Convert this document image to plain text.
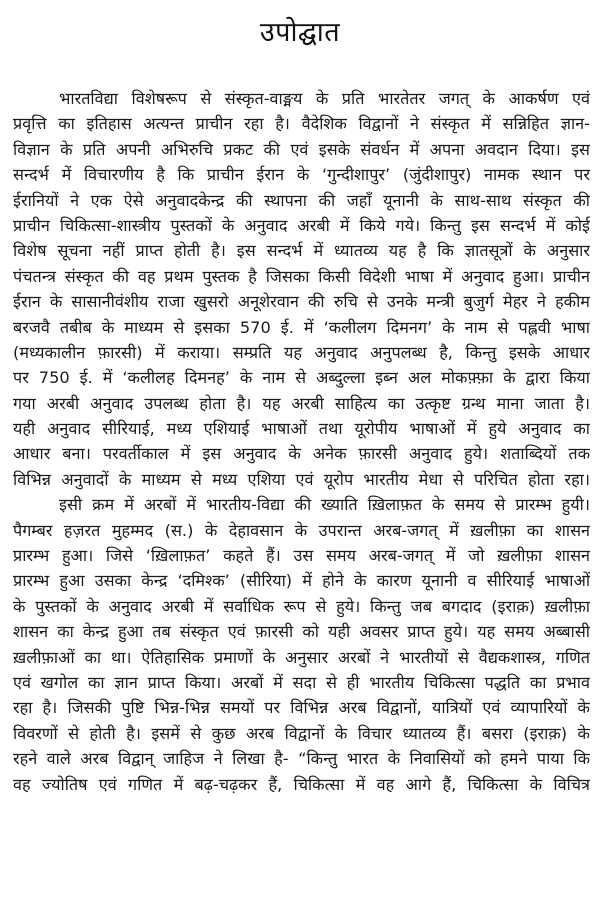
उपोद्घात
भारतविद्या विशेषरूप से संस्कृत-वाङ्मय के प्रति भारतेतर जगत् के आकर्षण एवं
प्रवृत्ति का इतिहास अत्यन्त प्राचीन रहा है। वैदेशिक विद्वानों ने संस्कृत में सन्निहित ज्ञान-
विज्ञान के प्रति अपनी अभिरुचि प्रकट की एवं इसके संवर्धन में अपना अवदान दिया। इस
सन्दर्भ में विचारणीय है कि प्राचीन ईरान के ‘गुन्दीशापुर’ (जुंदीशापुर) नामक स्थान पर
ईरानियों ने एक ऐसे अनुवादकेन्द्र की स्थापना की जहाँ यूनानी के साथ-साथ संस्कृत की
प्राचीन चिकित्सा-शास्त्रीय पुस्तकों के अनुवाद अरबी में किये गये। किन्तु इस सन्दर्भ में कोई
विशेष सूचना नहीं प्राप्त होती है। इस सन्दर्भ में ध्यातव्य यह है कि ज्ञातसूत्रों के अनुसार
पंचतन्त्र संस्कृत की वह प्रथम पुस्तक है जिसका किसी विदेशी भाषा में अनुवाद हुआ। प्राचीन
ईरान के सासानीवंशीय राजा खुसरो अनूशेरवान की रुचि से उनके मन्त्री बुजुर्ग मेहर ने हकीम
बरजवै तबीब के माध्यम से इसका 570 ई. में ‘कलीलग दिमनग’ के नाम से पह्लवी भाषा
(मध्यकालीन फ़ारसी) में कराया। सम्प्रति यह अनुवाद अनुपलब्ध है, किन्तु इसके आधार
पर 750 ई. में ‘कलीलह दिमनह’ के नाम से अब्दुल्ला इब्न अल मोकफ़्फ़ा के द्वारा किया
गया अरबी अनुवाद उपलब्ध होता है। यह अरबी साहित्य का उत्कृष्ट ग्रन्थ माना जाता है।
यही अनुवाद सीरियाई, मध्य एशियाई भाषाओं तथा यूरोपीय भाषाओं में हुये अनुवाद का
आधार बना। परवर्तीकाल में इस अनुवाद के अनेक फ़ारसी अनुवाद हुये। शताब्दियों तक
विभिन्न अनुवादों के माध्यम से मध्य एशिया एवं यूरोप भारतीय मेधा से परिचित होता रहा।
इसी क्रम में अरबों में भारतीय-विद्या की ख्याति ख़िलाफ़त के समय से प्रारम्भ हुयी।
पैगम्बर हज़रत मुहम्मद (स.) के देहावसान के उपरान्त अरब-जगत् में ख़लीफ़ा का शासन
प्रारम्भ हुआ। जिसे ‘ख़िलाफ़त’ कहते हैं। उस समय अरब-जगत् में जो ख़लीफ़ा शासन
प्रारम्भ हुआ उसका केन्द्र ‘दमिश्क’ (सीरिया) में होने के कारण यूनानी व सीरियाई भाषाओं
के पुस्तकों के अनुवाद अरबी में सर्वाधिक रूप से हुये। किन्तु जब बगदाद (इराक़) ख़लीफ़ा
शासन का केन्द्र हुआ तब संस्कृत एवं फ़ारसी को यही अवसर प्राप्त हुये। यह समय अब्बासी
ख़लीफ़ाओं का था। ऐतिहासिक प्रमाणों के अनुसार अरबों ने भारतीयों से वैद्यकशास्त्र, गणित
एवं खगोल का ज्ञान प्राप्त किया। अरबों में सदा से ही भारतीय चिकित्सा पद्धति का प्रभाव
रहा है। जिसकी पुष्टि भिन्न-भिन्न समयों पर विभिन्न अरब विद्वानों, यात्रियों एवं व्यापारियों के
विवरणों से होती है। इसमें से कुछ अरब विद्वानों के विचार ध्यातव्य हैं। बसरा (इराक़) के
रहने वाले अरब विद्वान् जाहिज ने लिखा है- “किन्तु भारत के निवासियों को हमने पाया कि
वह ज्योतिष एवं गणित में बढ़-चढ़कर हैं, चिकित्सा में वह आगे हैं, चिकित्सा के विचित्र
